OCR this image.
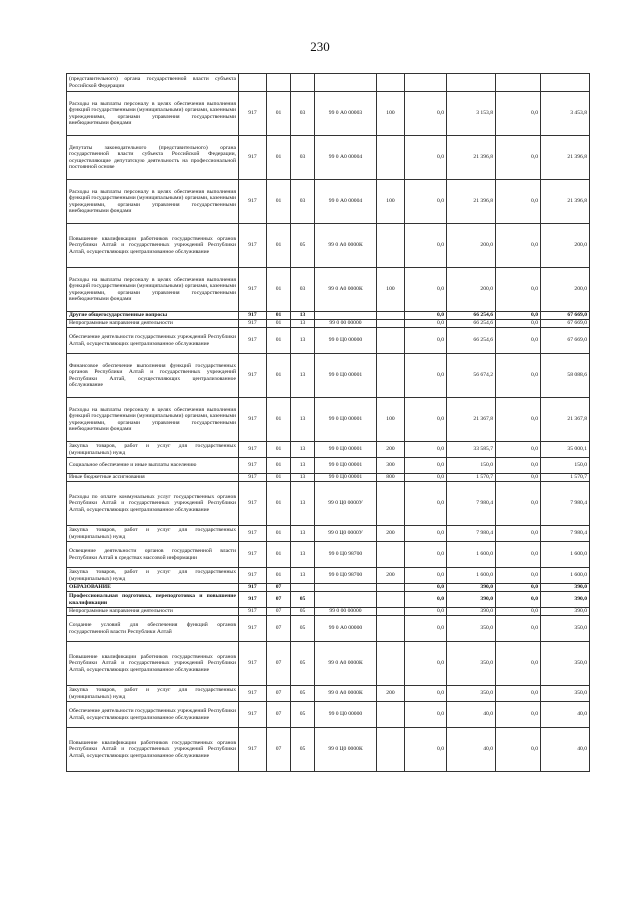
230
(представительного) органа государственной власти субъекта Российской Федерации									
Расходы на выплаты персоналу в целях обеспечения выполнения функций государственными (муниципальными) органами, казенными учреждениями, органами управления государственными внебюджетными фондами	917	01	03	99 0 А0 00003	100	0,0	3 153,8	0,0	3 453,8
Депутаты законодательного (представительного) органа государственной власти субъекта Российской Федерации, осуществляющие депутатскую деятельность на профессиональной постоянной основе	917	01	03	99 0 А0 00004		0,0	21 396,8	0,0	21 396,8
Расходы на выплаты персоналу в целях обеспечения выполнения функций государственными (муниципальными) органами, казенными учреждениями, органами управления государственными внебюджетными фондами	917	01	03	99 0 А0 00004	100	0,0	21 396,8	0,0	21 396,8
Повышение квалификации работников государственных органов Республики Алтай и государственных учреждений Республики Алтай, осуществляющих централизованное обслуживание	917	01	05	99 0 А0 0000К		0,0	200,0	0,0	200,0
Расходы на выплаты персоналу в целях обеспечения выполнения функций государственными (муниципальными) органами, казенными учреждениями, органами управления государственными внебюджетными фондами	917	01	03	99 0 А0 0000К	100	0,0	200,0	0,0	200,0
Другие общегосударственные вопросы	917	01	13			0,0	66 254,6	0,0	67 669,0
Непрограммные направления деятельности	917	01	13	99 0 00 00000		0,0	66 254,6	0,0	67 669,0
Обеспечение деятельности государственных учреждений Республики Алтай, осуществляющих централизованное обслуживание	917	01	13	99 0 Ц0 00000		0,0	66 254,6	0,0	67 669,0
Финансовое обеспечение выполнения функций государственных органов Республики Алтай и государственных учреждений Республики Алтай, осуществляющих централизованное обслуживание	917	01	13	99 0 Ц0 00001		0,0	56 674,2	0,0	58 088,6
Расходы на выплаты персоналу в целях обеспечения выполнения функций государственными (муниципальными) органами, казенными учреждениями, органами управления государственными внебюджетными фондами	917	01	13	99 0 Ц0 00001	100	0,0	21 367,8	0,0	21 367,8
Закупка товаров, работ и услуг для государственных (муниципальных) нужд	917	01	13	99 0 Ц0 00001	200	0,0	33 585,7	0,0	35 000,1
Социальное обеспечение и иные выплаты населению	917	01	13	99 0 Ц0 00001	300	0,0	150,0	0,0	150,0
Иные бюджетные ассигнования	917	01	13	99 0 Ц0 00001	800	0,0	1 570,7	0,0	1 570,7
Расходы по оплате коммунальных услуг государственных органов Республики Алтай и государственных учреждений Республики Алтай, осуществляющих централизованное обслуживание	917	01	13	99 0 Ц0 0000У		0,0	7 980,4	0,0	7 980,4
Закупка товаров, работ и услуг для государственных (муниципальных) нужд	917	01	13	99 0 Ц0 0000У	200	0,0	7 980,4	0,0	7 980,4
Освещение деятельности органов государственной власти Республики Алтай в средствах массовой информации	917	01	13	99 0 Ц0 98700		0,0	1 600,0	0,0	1 600,0
Закупка товаров, работ и услуг для государственных (муниципальных) нужд	917	01	13	99 0 Ц0 98700	200	0,0	1 600,0	0,0	1 600,0
ОБРАЗОВАНИЕ	917	07				0,0	390,0	0,0	390,0
Профессиональная подготовка, переподготовка и повышение квалификации	917	07	05			0,0	390,0	0,0	390,0
Непрограммные направления деятельности	917	07	05	99 0 00 00000		0,0	390,0	0,0	390,0
Создание условий для обеспечения функций органов государственной власти Республики Алтай	917	07	05	99 0 А0 00000		0,0	350,0	0,0	350,0
Повышение квалификации работников государственных органов Республики Алтай и государственных учреждений Республики Алтай, осуществляющих централизованное обслуживание	917	07	05	99 0 А0 0000К		0,0	350,0	0,0	350,0
Закупка товаров, работ и услуг для государственных (муниципальных) нужд	917	07	05	99 0 А0 0000К	200	0,0	350,0	0,0	350,0
Обеспечение деятельности государственных учреждений Республики Алтай, осуществляющих централизованное обслуживание	917	07	05	99 0 Ц0 00000		0,0	40,0	0,0	40,0
Повышение квалификации работников государственных органов Республики Алтай и государственных учреждений Республики Алтай, осуществляющих централизованное обслуживание	917	07	05	99 0 Ц0 0000К		0,0	40,0	0,0	40,0
